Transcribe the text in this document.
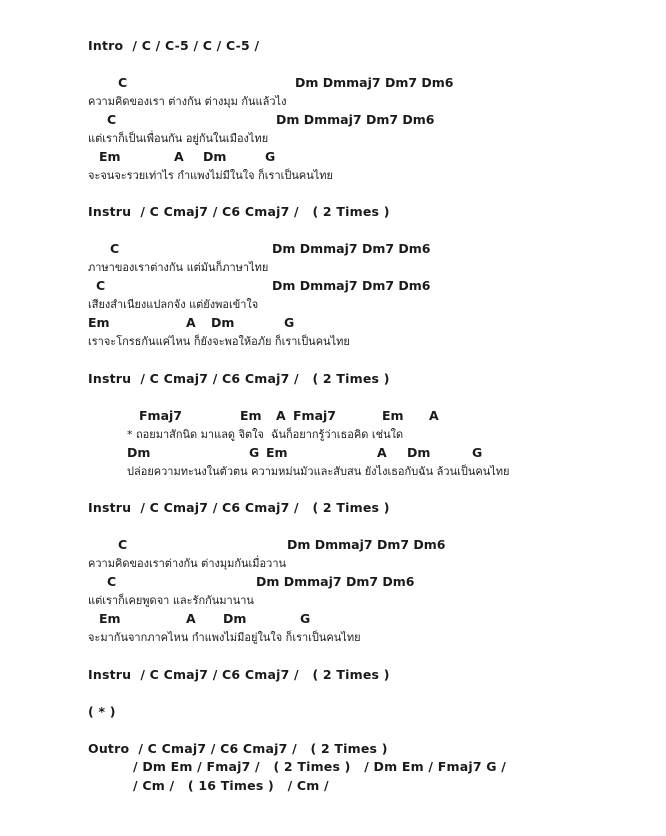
Intro  / C / C-5 / C / C-5 /
C	Dm Dmmaj7 Dm7 Dm6
ความคิดของเรา ต่างกัน ต่างมุม กันแล้วไง
C	Dm Dmmaj7 Dm7 Dm6
แต่เราก็เป็นเพื่อนกัน อยู่กันในเมืองไทย
Em	A Dm	G
จะจนจะรวยเท่าไร กำแพงไม่มีในใจ ก็เราเป็นคนไทย
Instru  / C Cmaj7 / C6 Cmaj7 /   ( 2 Times )
C	Dm Dmmaj7 Dm7 Dm6
ภาษาของเราต่างกัน แต่มันก็ภาษาไทย
C	Dm Dmmaj7 Dm7 Dm6
เสียงสำเนียงแปลกจัง แต่ยังพอเข้าใจ
Em	A Dm	G
เราจะโกรธกันแค่ไหน ก็ยังจะพอให้อภัย ก็เราเป็นคนไทย
Instru  / C Cmaj7 / C6 Cmaj7 /   ( 2 Times )
Fmaj7	Em A Fmaj7	Em A
* ถอยมาสักนิด มาแลดู จิตใจ  ฉันก็อยากรู้ว่าเธอคิด เช่นใด
Dm	G Em	A Dm	G
ปล่อยความทะนงในตัวตน ความหม่นมัวและสับสน ยังไงเธอกับฉัน ล้วนเป็นคนไทย
Instru  / C Cmaj7 / C6 Cmaj7 /   ( 2 Times )
C	Dm Dmmaj7 Dm7 Dm6
ความคิดของเราต่างกัน ต่างมุมกันเมื่อวาน
C	Dm Dmmaj7 Dm7 Dm6
แต่เราก็เคยพูดจา และรักกันมานาน
Em	A Dm	G
จะมากันจากภาคไหน กำแพงไม่มีอยู่ในใจ ก็เราเป็นคนไทย
Instru  / C Cmaj7 / C6 Cmaj7 /   ( 2 Times )
( * )
Outro  / C Cmaj7 / C6 Cmaj7 /   ( 2 Times )
/ Dm Em / Fmaj7 /   ( 2 Times )   / Dm Em / Fmaj7 G /
/ Cm /   ( 16 Times )   / Cm /
